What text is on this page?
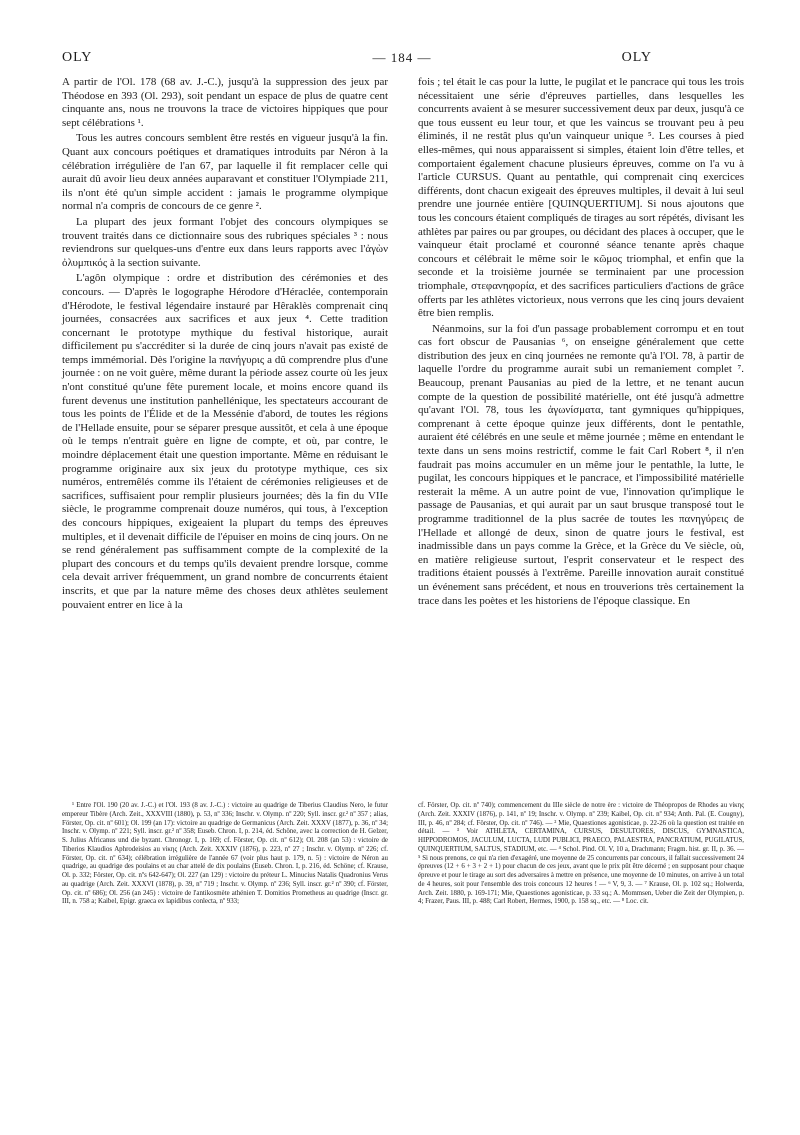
OLY	— 184 —	OLY

A partir de l'Ol. 178 (68 av. J.-C.), jusqu'à la suppression des jeux par Théodose en 393 (Ol. 293), soit pendant un espace de plus de quatre cent cinquante ans, nous ne trouvons la trace de victoires hippiques que pour sept célébrations ¹.

Tous les autres concours semblent être restés en vigueur jusqu'à la fin. Quant aux concours poétiques et dramatiques introduits par Néron à la célébration irrégulière de l'an 67, par laquelle il fit remplacer celle qui aurait dû avoir lieu deux années auparavant et constituer l'Olympiade 211, ils n'ont été qu'un simple accident : jamais le programme olympique normal n'a compris de concours de ce genre ².

La plupart des jeux formant l'objet des concours olympiques se trouvent traités dans ce dictionnaire sous des rubriques spéciales ³ : nous reviendrons sur quelques-uns d'entre eux dans leurs rapports avec l'ἀγὼν ὀλυμπικός à la section suivante.

L'agôn olympique : ordre et distribution des cérémonies et des concours. — D'après le logographe Hérodore d'Héraclée, contemporain d'Hérodote, le festival légendaire instauré par Hêraklès comprenait cinq journées, consacrées aux sacrifices et aux jeux ⁴. Cette tradition concernant le prototype mythique du festival historique, aurait difficilement pu s'accréditer si la durée de cinq jours n'avait pas existé de temps immémorial. Dès l'origine la πανήγυρις a dû comprendre plus d'une journée : on ne voit guère, même durant la période assez courte où les jeux n'ont constitué qu'une fête purement locale, et moins encore quand ils furent devenus une institution panhellénique, les spectateurs accourant de tous les points de l'Élide et de la Messénie d'abord, de toutes les régions de l'Hellade ensuite, pour se séparer presque aussitôt, et cela à une époque où le temps n'entrait guère en ligne de compte, et où, par contre, le moindre déplacement était une question importante. Même en réduisant le programme originaire aux six jeux du prototype mythique, ces six numéros, entremêlés comme ils l'étaient de cérémonies religieuses et de sacrifices, suffisaient pour remplir plusieurs journées; dès la fin du VIIe siècle, le programme comprenait douze numéros, qui tous, à l'exception des concours hippiques, exigeaient la plupart du temps des épreuves multiples, et il devenait difficile de l'épuiser en moins de cinq jours. On ne se rend généralement pas suffisamment compte de la complexité de la plupart des concours et du temps qu'ils devaient prendre lorsque, comme cela devait arriver fréquemment, un grand nombre de concurrents étaient inscrits, et que par la nature même des choses deux athlètes seulement pouvaient entrer en lice à la

fois ; tel était le cas pour la lutte, le pugilat et le pancrace qui tous les trois nécessitaient une série d'épreuves partielles, dans lesquelles les concurrents avaient à se mesurer successivement deux par deux, jusqu'à ce que tous eussent eu leur tour, et que les vaincus se trouvant peu à peu éliminés, il ne restât plus qu'un vainqueur unique ⁵. Les courses à pied elles-mêmes, qui nous apparaissent si simples, étaient loin d'être telles, et comportaient également chacune plusieurs épreuves, comme on l'a vu à l'article CURSUS. Quant au pentathle, qui comprenait cinq exercices différents, dont chacun exigeait des épreuves multiples, il devait à lui seul prendre une journée entière [QUINQUERTIUM]. Si nous ajoutons que tous les concours étaient compliqués de tirages au sort répétés, divisant les athlètes par paires ou par groupes, ou décidant des places à occuper, que le vainqueur était proclamé et couronné séance tenante après chaque concours et célébrait le même soir le κῶμος triomphal, et enfin que la seconde et la troisième journée se terminaient par une procession triomphale, στεφανηφορία, et des sacrifices particuliers d'actions de grâce offerts par les athlètes victorieux, nous verrons que les cinq jours devaient être bien remplis.

Néanmoins, sur la foi d'un passage probablement corrompu et en tout cas fort obscur de Pausanias ⁶, on enseigne généralement que cette distribution des jeux en cinq journées ne remonte qu'à l'Ol. 78, à partir de laquelle l'ordre du programme aurait subi un remaniement complet ⁷. Beaucoup, prenant Pausanias au pied de la lettre, et ne tenant aucun compte de la question de possibilité matérielle, ont été jusqu'à admettre qu'avant l'Ol. 78, tous les ἀγωνίσματα, tant gymniques qu'hippiques, comprenant à cette époque quinze jeux différents, dont le pentathle, auraient été célébrés en une seule et même journée ; même en entendant le texte dans un sens moins restrictif, comme le fait Carl Robert ⁸, il n'en faudrait pas moins accumuler en un même jour le pentathle, la lutte, le pugilat, les concours hippiques et le pancrace, et l'impossibilité matérielle resterait la même. A un autre point de vue, l'innovation qu'implique le passage de Pausanias, et qui aurait par un saut brusque transposé tout le programme traditionnel de la plus sacrée de toutes les πανηγύρεις de l'Hellade et allongé de deux, sinon de quatre jours le festival, est inadmissible dans un pays comme la Grèce, et la Grèce du Ve siècle, où, en matière religieuse surtout, l'esprit conservateur et le respect des traditions étaient poussés à l'extrême. Pareille innovation aurait constitué un événement sans précédent, et nous en trouverions très certainement la trace dans les poètes et les historiens de l'époque classique. En

¹ Entre l'Ol. 190 (20 av. J.-C.) et l'Ol. 193 (8 av. J.-C.) : victoire au quadrige de Tiberius Claudius Nero, le futur empereur Tibère (Arch. Zeit., XXXVIII (1880), p. 53, nº 336; Inschr. v. Olymp. nº 220; Syll. inscr. gr.² nº 357 ; alias, Förster, Op. cit. nº 601); Ol. 199 (an 17): victoire au quadrige de Germanicus (Arch. Zeit. XXXV (1877), p. 36, nº 34; Inschr. v. Olymp. nº 221; Syll. inscr. gr.² nº 358; Euseb. Chron. I, p. 214, éd. Schöne, avec la correction de H. Gelzer, S. Julius Africanus und die byzant. Chronogr. I, p. 169; cf. Förster, Op. cit. nº 612); Ol. 208 (an 53) : victoire de Tiberios Klaudios Aphrodeisios au νίκης (Arch. Zeit. XXXIV (1876), p. 223, nº 27 ; Inschr. v. Olymp. nº 226; cf. Förster, Op. cit. nº 634); célébration irrégulière de l'année 67 (voir plus haut p. 179, n. 5) : victoire de Néron au quadrige, au quadrige des poulains et au char attelé de dix poulains (Euseb. Chron. I, p. 216, éd. Schöne; cf. Krause, Ol. p. 332; Förster, Op. cit. nºs 642-647); Ol. 227 (an 129) : victoire du préteur L. Minucius Natalis Quadronius Verus au quadrige (Arch. Zeit. XXXVI (1878), p. 39, nº 719 ; Inschr. v. Olymp. nº 236; Syll. inscr. gr.² nº 390; cf. Förster, Op. cit. nº 686); Ol. 256 (an 245) : victoire de l'antikosmète athénien T. Domitios Prometheus au quadrige (Inscr. gr. III, n. 758 a; Kaibel, Epigr. graeca ex lapidibus conlecta, nº 933;

cf. Förster, Op. cit. nº 740); commencement du IIIe siècle de notre ère : victoire de Théopropos de Rhodes au νίκης (Arch. Zeit. XXXIV (1876), p. 141, nº 19; Inschr. v. Olymp. nº 239; Kaibel, Op. cit. nº 934; Anth. Pal. (E. Cougny), III, p. 46, nº 284; cf. Förster, Op. cit. nº 746). — ² Mie, Quaestiones agonisticae, p. 22-26 où la question est traitée en détail. — ³ Voir ATHLETA, CERTAMINA, CURSUS, DESULTORES, DISCUS, GYMNASTICA, HIPPODROMOS, JACULUM, LUCTA, LUDI PUBLICI, PRAECO, PALAESTRA, PANCRATIUM, PUGILATUS, QUINQUERTIUM, SALTUS, STADIUM, etc. — ⁴ Schol. Pind. Ol. V, 10 a, Drachmann; Fragm. hist. gr. II, p. 36. — ⁵ Si nous prenons, ce qui n'a rien d'exagéré, une moyenne de 25 concurrents par concours, il fallait successivement 24 épreuves (12 + 6 + 3 + 2 + 1) pour chacun de ces jeux, avant que le prix pût être décerné ; en supposant pour chaque épreuve et pour le tirage au sort des adversaires à mettre en présence, une moyenne de 10 minutes, on arrive à un total de 4 heures, soit pour l'ensemble des trois concours 12 heures ! — ⁶ V, 9, 3. — ⁷ Krause, Ol. p. 102 sq.; Holwerda, Arch. Zeit. 1880, p. 169-171; Mie, Quaestiones agonisticae, p. 33 sq.; A. Mommsen, Ueber die Zeit der Olympien, p. 4; Frazer, Paus. III, p. 488; Carl Robert, Hermes, 1900, p. 158 sq., etc. — ⁸ Loc. cit.
